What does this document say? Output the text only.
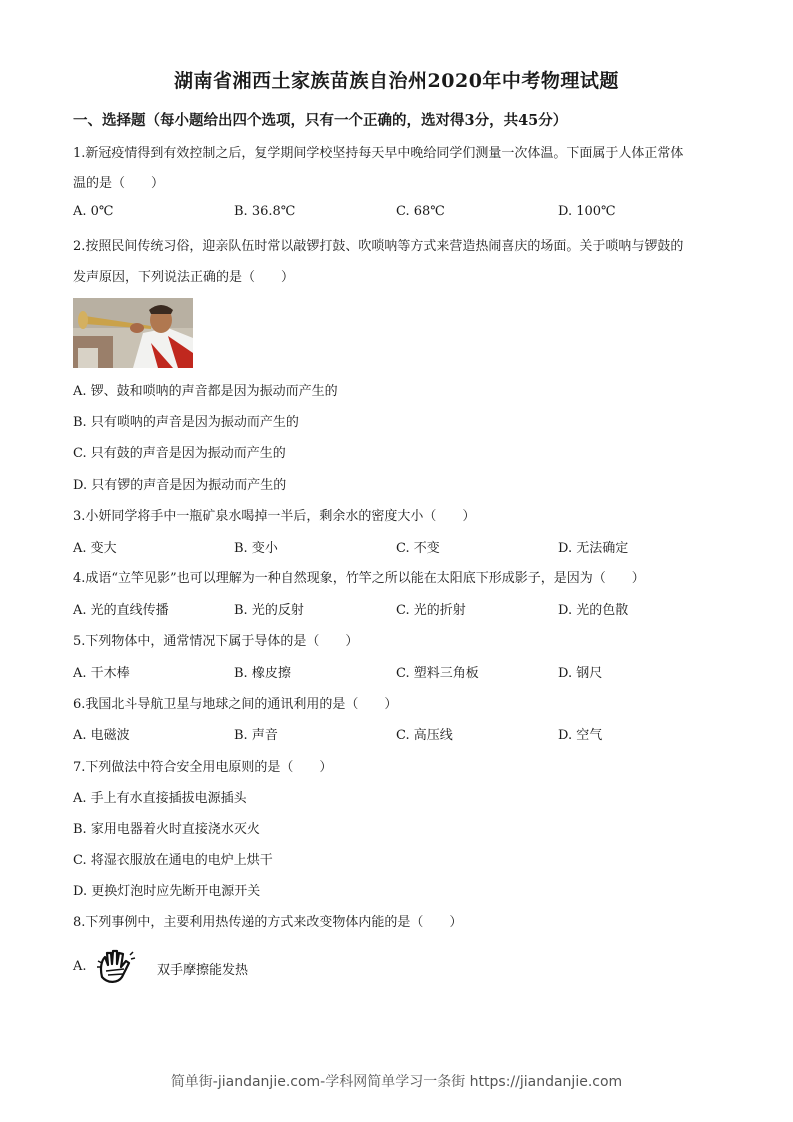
湖南省湘西土家族苗族自治州2020年中考物理试题
一、选择题（每小题给出四个选项，只有一个正确的，选对得3分，共45分）
1.新冠疫情得到有效控制之后，复学期间学校坚持每天早中晚给同学们测量一次体温。下面属于人体正常体
温的是（　　）
A. 0℃	B. 36.8℃	C. 68℃	D. 100℃
2.按照民间传统习俗，迎亲队伍时常以敲锣打鼓、吹唢呐等方式来营造热闹喜庆的场面。关于唢呐与锣鼓的
发声原因，下列说法正确的是（　　）
A. 锣、鼓和唢呐的声音都是因为振动而产生的
B. 只有唢呐的声音是因为振动而产生的
C. 只有鼓的声音是因为振动而产生的
D. 只有锣的声音是因为振动而产生的
3.小妍同学将手中一瓶矿泉水喝掉一半后，剩余水的密度大小（　　）
A. 变大	B. 变小	C. 不变	D. 无法确定
4.成语“立竿见影”也可以理解为一种自然现象，竹竿之所以能在太阳底下形成影子，是因为（　　）
A. 光的直线传播	B. 光的反射	C. 光的折射	D. 光的色散
5.下列物体中，通常情况下属于导体的是（　　）
A. 干木棒	B. 橡皮擦	C. 塑料三角板	D. 钢尺
6.我国北斗导航卫星与地球之间的通讯利用的是（　　）
A. 电磁波	B. 声音	C. 高压线	D. 空气
7.下列做法中符合安全用电原则的是（　　）
A. 手上有水直接插拔电源插头
B. 家用电器着火时直接浇水灭火
C. 将湿衣服放在通电的电炉上烘干
D. 更换灯泡时应先断开电源开关
8.下列事例中，主要利用热传递的方式来改变物体内能的是（　　）
A.	双手摩擦能发热
简单街-jiandanjie.com-学科网简单学习一条街 https://jiandanjie.com
